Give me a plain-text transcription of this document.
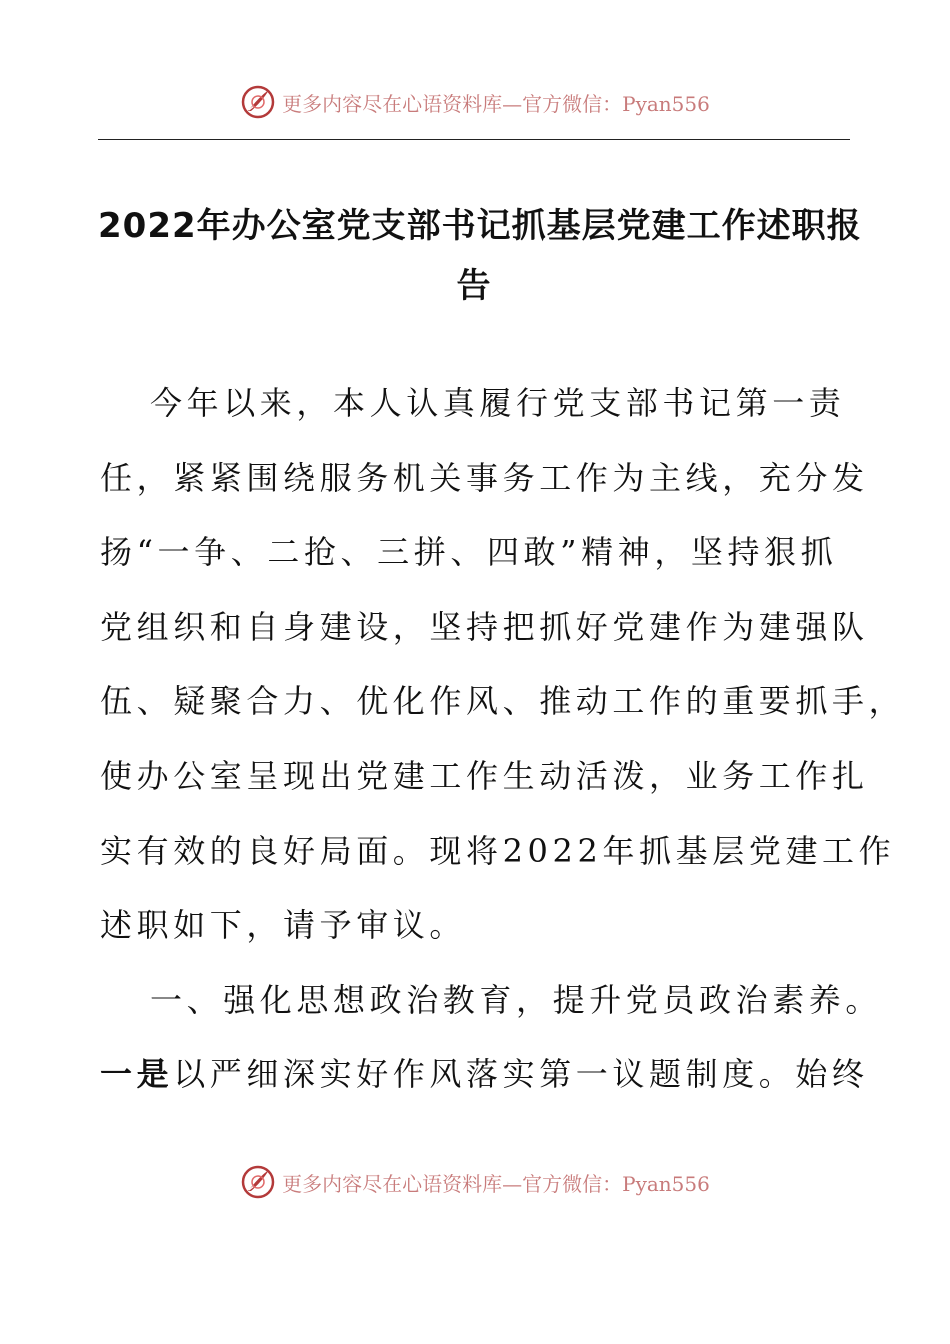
更多内容尽在心语资料库—官方微信：Pyan556
2022年办公室党支部书记抓基层党建工作述职报
告
今年以来，本人认真履行党支部书记第一责
任，紧紧围绕服务机关事务工作为主线，充分发
扬“一争、二抢、三拼、四敢”精神，坚持狠抓
党组织和自身建设，坚持把抓好党建作为建强队
伍、疑聚合力、优化作风、推动工作的重要抓手，
使办公室呈现出党建工作生动活泼，业务工作扎
实有效的良好局面。现将2022年抓基层党建工作
述职如下，请予审议。
一、强化思想政治教育，提升党员政治素养。
一是以严细深实好作风落实第一议题制度。始终
更多内容尽在心语资料库—官方微信：Pyan556
